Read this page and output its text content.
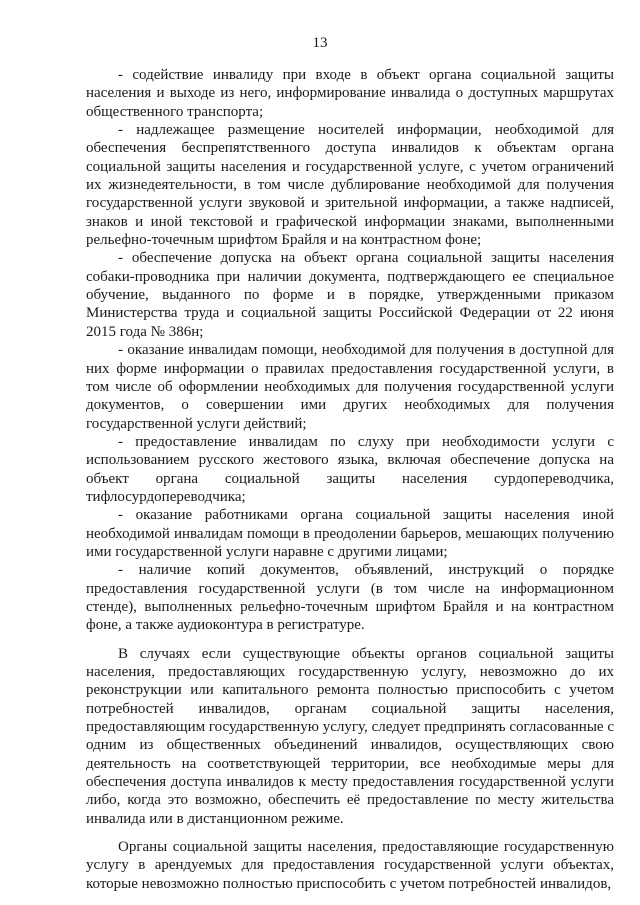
13

- содействие инвалиду при входе в объект органа социальной защиты населения и выходе из него, информирование инвалида о доступных маршрутах общественного транспорта;

- надлежащее размещение носителей информации, необходимой для обеспечения беспрепятственного доступа инвалидов к объектам органа социальной защиты населения и государственной услуге, с учетом ограничений их жизнедеятельности, в том числе дублирование необходимой для получения государственной услуги звуковой и зрительной информации, а также надписей, знаков и иной текстовой и графической информации знаками, выполненными рельефно-точечным шрифтом Брайля и на контрастном фоне;

- обеспечение допуска на объект органа социальной защиты населения собаки-проводника при наличии документа, подтверждающего ее специальное обучение, выданного по форме и в порядке, утвержденными приказом Министерства труда и социальной защиты Российской Федерации от 22 июня 2015 года № 386н;

- оказание инвалидам помощи, необходимой для получения в доступной для них форме информации о правилах предоставления государственной услуги, в том числе об оформлении необходимых для получения государственной услуги документов, о совершении ими других необходимых для получения государственной услуги действий;

- предоставление инвалидам по слуху при необходимости услуги с использованием русского жестового языка, включая обеспечение допуска на объект органа социальной защиты населения сурдопереводчика, тифлосурдопереводчика;

- оказание работниками органа социальной защиты населения иной необходимой инвалидам помощи в преодолении барьеров, мешающих получению ими государственной услуги наравне с другими лицами;

- наличие копий документов, объявлений, инструкций о порядке предоставления государственной услуги (в том числе на информационном стенде), выполненных рельефно-точечным шрифтом Брайля и на контрастном фоне, а также аудиоконтура в регистратуре.

В случаях если существующие объекты органов социальной защиты населения, предоставляющих государственную услугу, невозможно до их реконструкции или капитального ремонта полностью приспособить с учетом потребностей инвалидов, органам социальной защиты населения, предоставляющим государственную услугу, следует предпринять согласованные с одним из общественных объединений инвалидов, осуществляющих свою деятельность на соответствующей территории, все необходимые меры для обеспечения доступа инвалидов к месту предоставления государственной услуги либо, когда это возможно, обеспечить её предоставление по месту жительства инвалида или в дистанционном режиме.

Органы социальной защиты населения, предоставляющие государственную услугу в арендуемых для предоставления государственной услуги объектах, которые невозможно полностью приспособить с учетом потребностей инвалидов,
